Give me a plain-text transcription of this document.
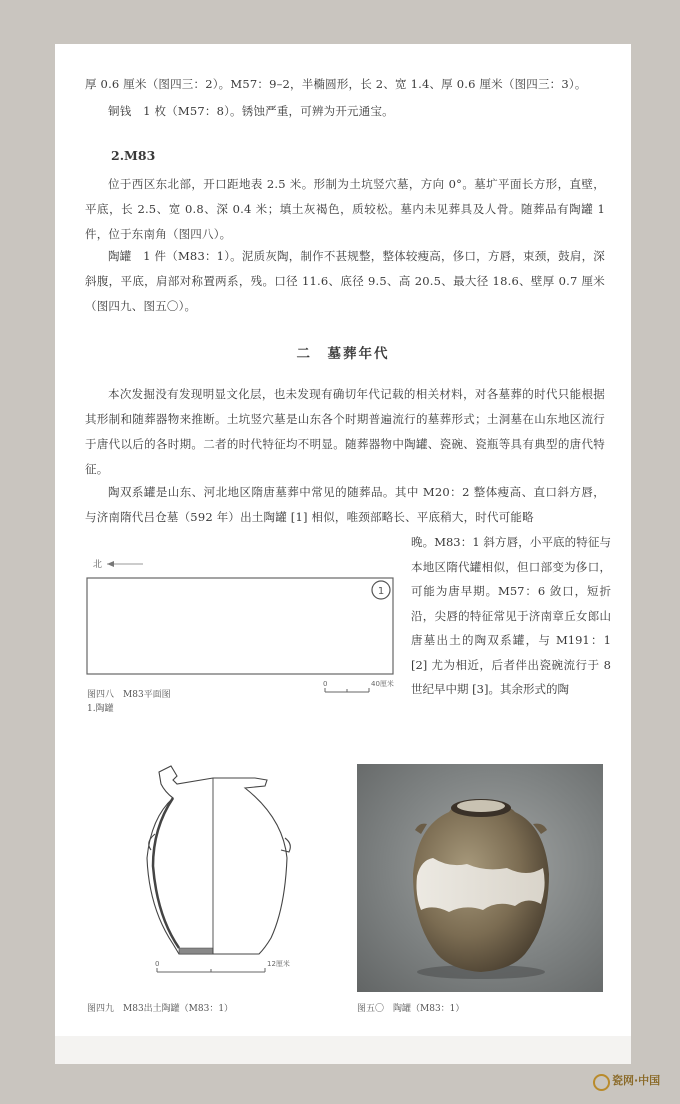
厚 0.6 厘米（图四三：2）。M57：9–2，半椭圆形，长 2、宽 1.4、厚 0.6 厘米（图四三：3）。

铜钱　1 枚（M57：8）。锈蚀严重，可辨为开元通宝。

2.M83

位于西区东北部，开口距地表 2.5 米。形制为土坑竖穴墓，方向 0°。墓圹平面长方形，直壁，平底，长 2.5、宽 0.8、深 0.4 米；填土灰褐色，质较松。墓内未见葬具及人骨。随葬品有陶罐 1 件，位于东南角（图四八）。

陶罐　1 件（M83：1）。泥质灰陶，制作不甚规整，整体较瘦高，侈口，方唇，束颈，鼓肩，深斜腹，平底，肩部对称置两系，残。口径 11.6、底径 9.5、高 20.5、最大径 18.6、壁厚 0.7 厘米（图四九、图五〇）。

二　墓葬年代

本次发掘没有发现明显文化层，也未发现有确切年代记载的相关材料，对各墓葬的时代只能根据其形制和随葬器物来推断。土坑竖穴墓是山东各个时期普遍流行的墓葬形式；土洞墓在山东地区流行于唐代以后的各时期。二者的时代特征均不明显。随葬器物中陶罐、瓷碗、瓷瓶等具有典型的唐代特征。

陶双系罐是山东、河北地区隋唐墓葬中常见的随葬品。其中 M20：2 整体瘦高、直口斜方唇，与济南隋代吕仓墓（592 年）出土陶罐 [1] 相似，唯颈部略长、平底稍大，时代可能略

晚。M83：1 斜方唇，小平底的特征与本地区隋代罐相似，但口部变为侈口，可能为唐早期。M57：6 敛口，短折沿，尖唇的特征常见于济南章丘女郎山唐墓出土的陶双系罐，与 M191：1 [2] 尤为相近，后者伴出瓷碗流行于 8 世纪早中期 [3]。其余形式的陶

北
1
0	40厘米
图四八　M83平面图
1.陶罐
0	12厘米
图四九　M83出土陶罐（M83：1）	图五〇　陶罐（M83：1）
瓷网·中国
